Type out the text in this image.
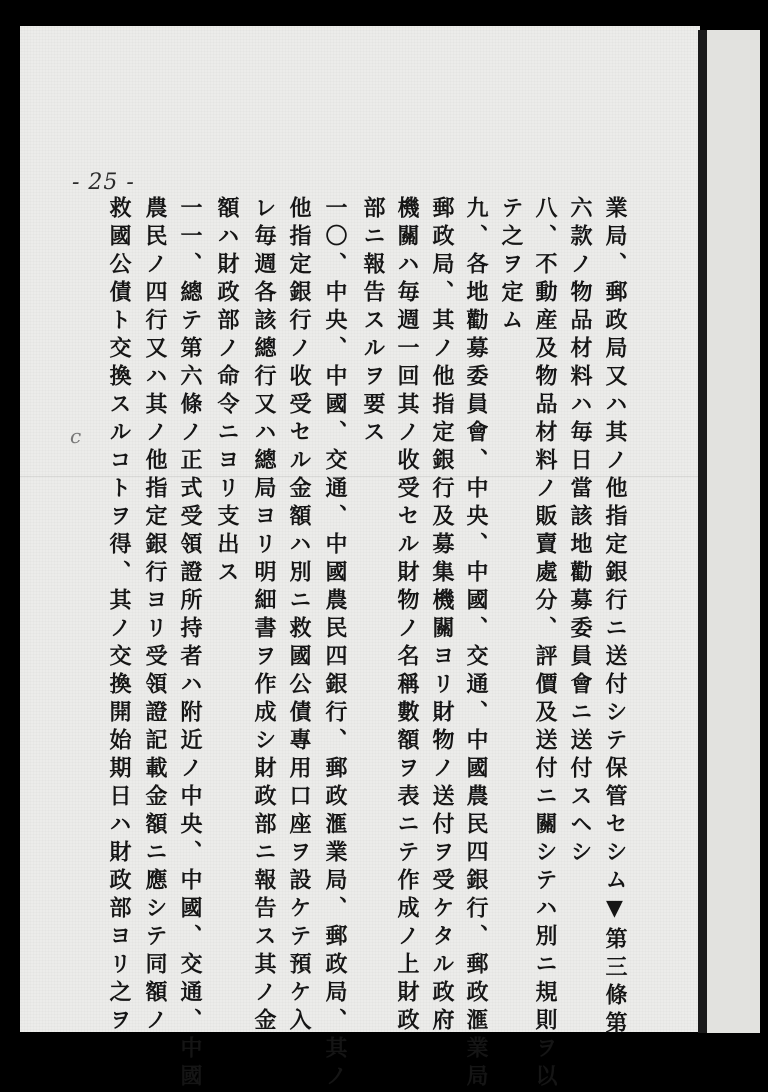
- 25 -
c	業局、郵政局又ハ其ノ他指定銀行ニ送付シテ保管セシム▼第三條第
六款ノ物品材料ハ毎日當該地勸募委員會ニ送付スヘシ
八、不動産及物品材料ノ販賣處分、評價及送付ニ關シテハ別ニ規則ヲ以
テ之ヲ定ム
九、各地勸募委員會、中央、中國、交通、中國農民四銀行、郵政滙業局
郵政局、其ノ他指定銀行及募集機關ヨリ財物ノ送付ヲ受ケタル政府
機關ハ毎週一回其ノ收受セル財物ノ名稱數額ヲ表ニテ作成ノ上財政
部ニ報告スルヲ要ス
一〇、中央、中國、交通、中國農民四銀行、郵政滙業局、郵政局、其ノ
他指定銀行ノ收受セル金額ハ別ニ救國公債專用口座ヲ設ケテ預ケ入
レ毎週各該總行又ハ總局ヨリ明細書ヲ作成シ財政部ニ報告ス其ノ金
額ハ財政部ノ命令ニヨリ支出ス
一一、總テ第六條ノ正式受領證所持者ハ附近ノ中央、中國、交通、中國
農民ノ四行又ハ其ノ他指定銀行ヨリ受領證記載金額ニ應シテ同額ノ
救國公債ト交換スルコトヲ得、其ノ交換開始期日ハ財政部ヨリ之ヲ
